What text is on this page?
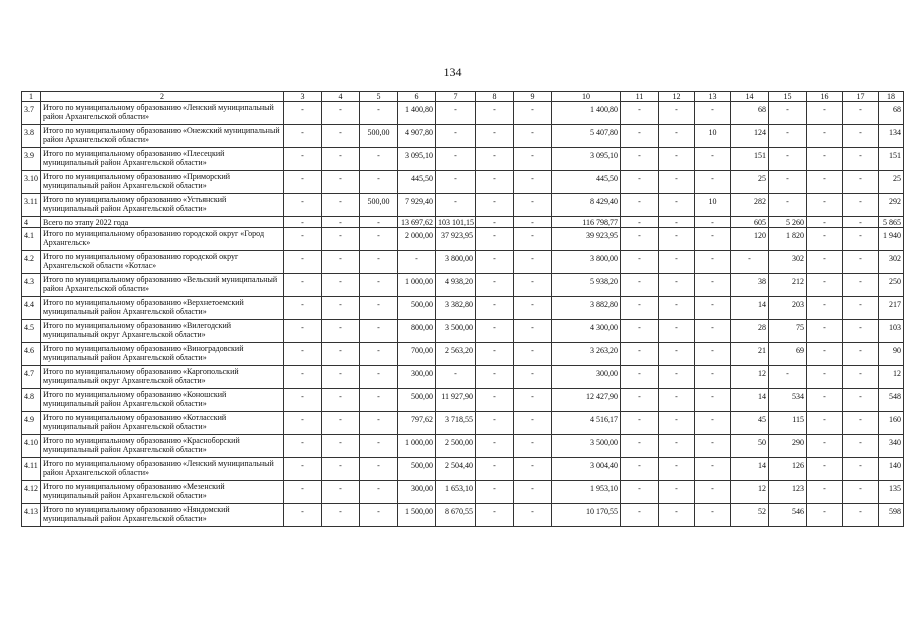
134
1	2	3	4	5	6	7	8	9	10	11	12	13	14	15	16	17	18
3.7	Итого по муниципальному образованию «Ленский муниципальный район Архангельской области»	-	-	-	1 400,80	-	-	-	1 400,80	-	-	-	68	-	-	-	68
3.8	Итого по муниципальному образованию «Онежский муниципальный район Архангельской области»	-	-	500,00	4 907,80	-	-	-	5 407,80	-	-	10	124	-	-	-	134
3.9	Итого по муниципальному образованию «Плесецкий муниципальный район Архангельской области»	-	-	-	3 095,10	-	-	-	3 095,10	-	-	-	151	-	-	-	151
3.10	Итого по муниципальному образованию «Приморский муниципальный район Архангельской области»	-	-	-	445,50	-	-	-	445,50	-	-	-	25	-	-	-	25
3.11	Итого по муниципальному образованию «Устьянский муниципальный район Архангельской области»	-	-	500,00	7 929,40	-	-	-	8 429,40	-	-	10	282	-	-	-	292
4	Всего по этапу 2022 года	-	-	-	13 697,62	103 101,15	-	-	116 798,77	-	-	-	605	5 260	-	-	5 865
4.1	Итого по муниципальному образованию городской округ «Город Архангельск»	-	-	-	2 000,00	37 923,95	-	-	39 923,95	-	-	-	120	1 820	-	-	1 940
4.2	Итого по муниципальному образованию городской округ Архангельской области «Котлас»	-	-	-	-	3 800,00	-	-	3 800,00	-	-	-	-	302	-	-	302
4.3	Итого по муниципальному образованию «Вельский муниципальный район Архангельской области»	-	-	-	1 000,00	4 938,20	-	-	5 938,20	-	-	-	38	212	-	-	250
4.4	Итого по муниципальному образованию «Верхнетоемский муниципальный район Архангельской области»	-	-	-	500,00	3 382,80	-	-	3 882,80	-	-	-	14	203	-	-	217
4.5	Итого по муниципальному образованию «Вилегодский муниципальный округ Архангельской области»	-	-	-	800,00	3 500,00	-	-	4 300,00	-	-	-	28	75	-	-	103
4.6	Итого по муниципальному образованию «Виноградовский муниципальный район Архангельской области»	-	-	-	700,00	2 563,20	-	-	3 263,20	-	-	-	21	69	-	-	90
4.7	Итого по муниципальному образованию «Каргопольский муниципальный округ Архангельской области»	-	-	-	300,00	-	-	-	300,00	-	-	-	12	-	-	-	12
4.8	Итого по муниципальному образованию «Коношский муниципальный район Архангельской области»	-	-	-	500,00	11 927,90	-	-	12 427,90	-	-	-	14	534	-	-	548
4.9	Итого по муниципальному образованию «Котласский муниципальный район Архангельской области»	-	-	-	797,62	3 718,55	-	-	4 516,17	-	-	-	45	115	-	-	160
4.10	Итого по муниципальному образованию «Красноборский муниципальный район Архангельской области»	-	-	-	1 000,00	2 500,00	-	-	3 500,00	-	-	-	50	290	-	-	340
4.11	Итого по муниципальному образованию «Ленский муниципальный район Архангельской области»	-	-	-	500,00	2 504,40	-	-	3 004,40	-	-	-	14	126	-	-	140
4.12	Итого по муниципальному образованию «Мезенский муниципальный район Архангельской области»	-	-	-	300,00	1 653,10	-	-	1 953,10	-	-	-	12	123	-	-	135
4.13	Итого по муниципальному образованию «Няндомский муниципальный район Архангельской области»	-	-	-	1 500,00	8 670,55	-	-	10 170,55	-	-	-	52	546	-	-	598
